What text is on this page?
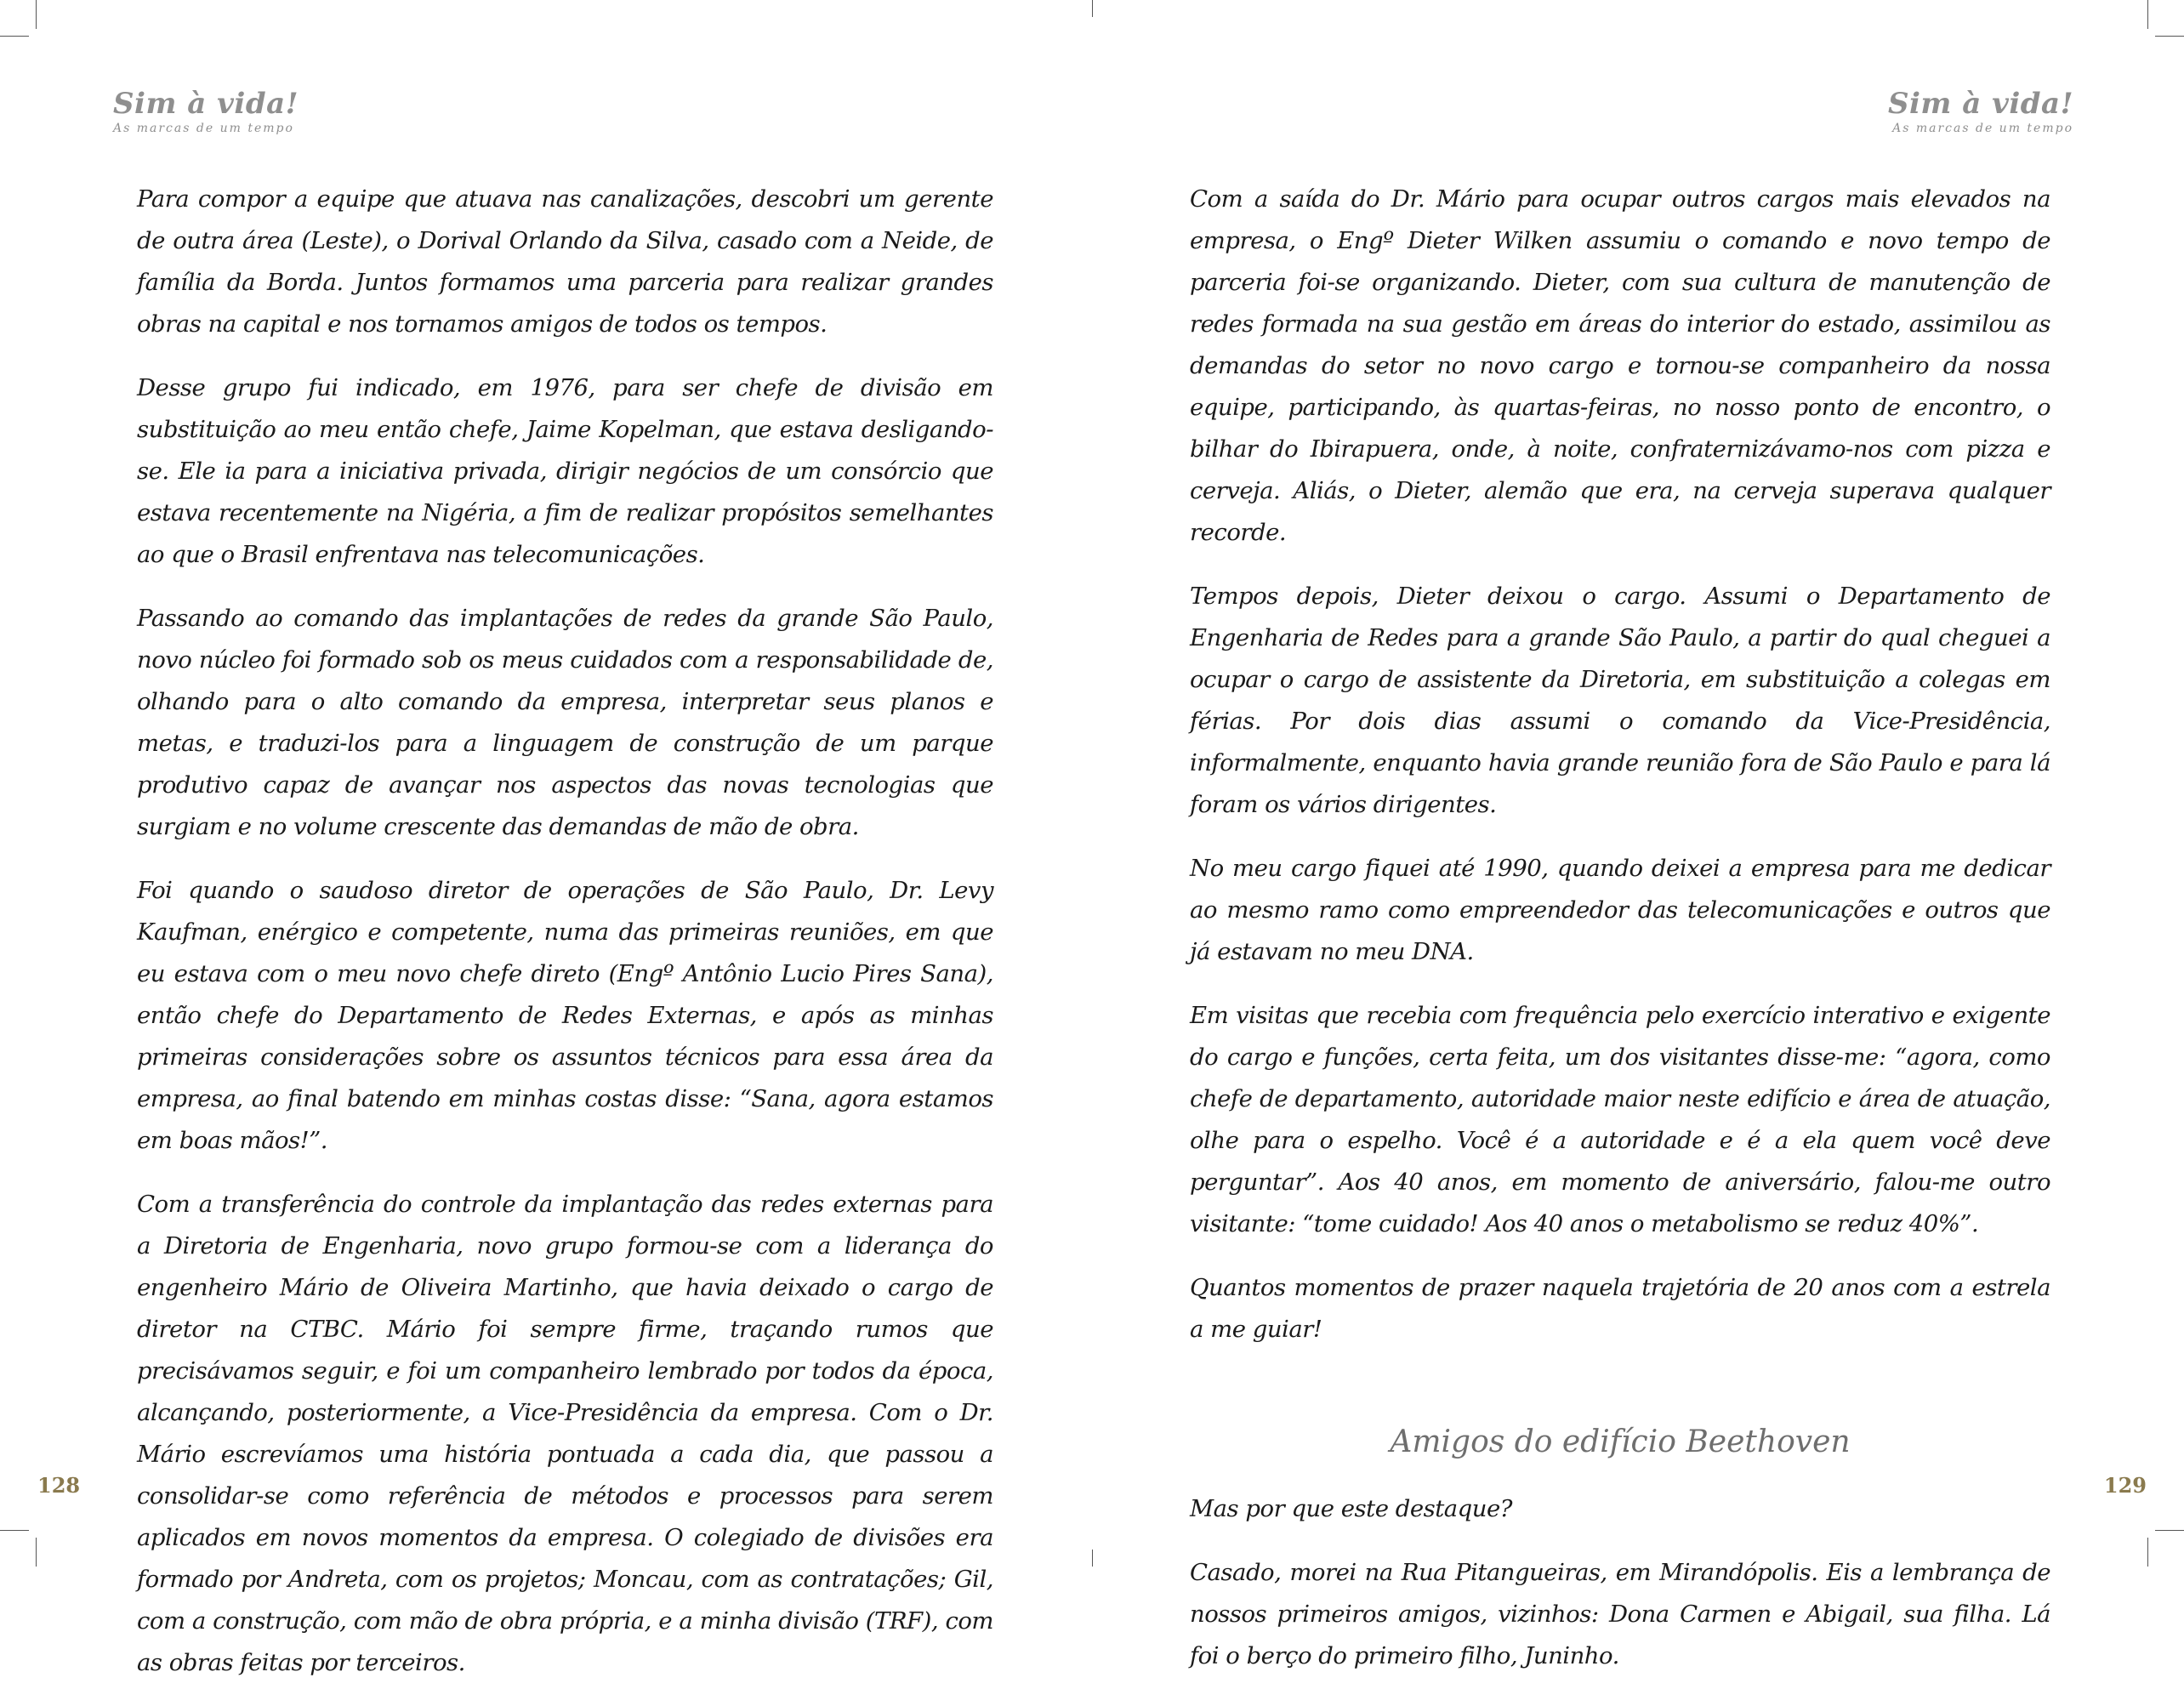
Sim à vida!
As marcas de um tempo

Para compor a equipe que atuava nas canalizações, descobri um gerente de outra área (Leste), o Dorival Orlando da Silva, casado com a Neide, de família da Borda. Juntos formamos uma parceria para realizar grandes obras na capital e nos tornamos amigos de todos os tempos.

Desse grupo fui indicado, em 1976, para ser chefe de divisão em substituição ao meu então chefe, Jaime Kopelman, que estava desligando-se. Ele ia para a iniciativa privada, dirigir negócios de um consórcio que estava recentemente na Nigéria, a fim de realizar propósitos semelhantes ao que o Brasil enfrentava nas telecomunicações.

Passando ao comando das implantações de redes da grande São Paulo, novo núcleo foi formado sob os meus cuidados com a responsabilidade de, olhando para o alto comando da empresa, interpretar seus planos e metas, e traduzi-los para a linguagem de construção de um parque produtivo capaz de avançar nos aspectos das novas tecnologias que surgiam e no volume crescente das demandas de mão de obra.

Foi quando o saudoso diretor de operações de São Paulo, Dr. Levy Kaufman, enérgico e competente, numa das primeiras reuniões, em que eu estava com o meu novo chefe direto (Engº Antônio Lucio Pires Sana), então chefe do Departamento de Redes Externas, e após as minhas primeiras considerações sobre os assuntos técnicos para essa área da empresa, ao final batendo em minhas costas disse: “Sana, agora estamos em boas mãos!”.

Com a transferência do controle da implantação das redes externas para a Diretoria de Engenharia, novo grupo formou-se com a liderança do engenheiro Mário de Oliveira Martinho, que havia deixado o cargo de diretor na CTBC. Mário foi sempre firme, traçando rumos que precisávamos seguir, e foi um companheiro lembrado por todos da época, alcançando, posteriormente, a Vice-Presidência da empresa. Com o Dr. Mário escrevíamos uma história pontuada a cada dia, que passou a consolidar-se como referência de métodos e processos para serem aplicados em novos momentos da empresa. O colegiado de divisões era formado por Andreta, com os projetos; Moncau, com as contratações; Gil, com a construção, com mão de obra própria, e a minha divisão (TRF), com as obras feitas por terceiros.

128
Sim à vida!
As marcas de um tempo

Com a saída do Dr. Mário para ocupar outros cargos mais elevados na empresa, o Engº Dieter Wilken assumiu o comando e novo tempo de parceria foi-se organizando. Dieter, com sua cultura de manutenção de redes formada na sua gestão em áreas do interior do estado, assimilou as demandas do setor no novo cargo e tornou-se companheiro da nossa equipe, participando, às quartas-feiras, no nosso ponto de encontro, o bilhar do Ibirapuera, onde, à noite, confraternizávamo-nos com pizza e cerveja. Aliás, o Dieter, alemão que era, na cerveja superava qualquer recorde.

Tempos depois, Dieter deixou o cargo. Assumi o Departamento de Engenharia de Redes para a grande São Paulo, a partir do qual cheguei a ocupar o cargo de assistente da Diretoria, em substituição a colegas em férias. Por dois dias assumi o comando da Vice-Presidência, informalmente, enquanto havia grande reunião fora de São Paulo e para lá foram os vários dirigentes.

No meu cargo fiquei até 1990, quando deixei a empresa para me dedicar ao mesmo ramo como empreendedor das telecomunicações e outros que já estavam no meu DNA.

Em visitas que recebia com frequência pelo exercício interativo e exigente do cargo e funções, certa feita, um dos visitantes disse-me: “agora, como chefe de departamento, autoridade maior neste edifício e área de atuação, olhe para o espelho. Você é a autoridade e é a ela quem você deve perguntar”. Aos 40 anos, em momento de aniversário, falou-me outro visitante: “tome cuidado! Aos 40 anos o metabolismo se reduz 40%”.

Quantos momentos de prazer naquela trajetória de 20 anos com a estrela a me guiar!

Amigos do edifício Beethoven

Mas por que este destaque?

Casado, morei na Rua Pitangueiras, em Mirandópolis. Eis a lembrança de nossos primeiros amigos, vizinhos: Dona Carmen e Abigail, sua filha. Lá foi o berço do primeiro filho, Juninho.

129
